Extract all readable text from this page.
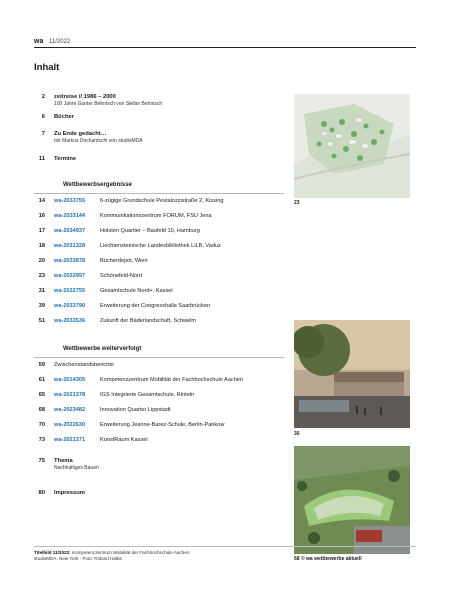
wa 11/2022
Inhalt
2	zeitreise // 1986 – 2000
100 Jahre Gunter Behnisch von Stefan Behnisch
6	Bücher
7	Zu Ende gedacht…
mit Markus Dochantschi von studioMDA
11	Termine
Wettbewerbsergebnisse
14	wa-2033755	6-zügige Grundschule Pestalozzistraße 2, Kissing
16	wa-2033144	Kommunikationszentrum FORUM, FSU Jena
17	wa-2034937	Holsten Quartier – Baufeld 10, Hamburg
18	wa-2031328	Liechtensteinische Landesbibliothek LiLB, Vaduz
20	wa-2033878	Bücherdepot, Wien
23	wa-2032997	Schönefeld-Nord
31	wa-2032755	Gesamtschule Nord+, Kassel
39	wa-2033790	Erweiterung der Congresshalle Saarbrücken
51	wa-2033536	Zukunft der Bäderlandschaft, Schwelm
Wettbewerbe weiterverfolgt
59	Zwischenstandsberichte
61	wa-2014305	Kompetenzzentrum Mobilität der Fachhochschule Aachen
65	wa-2021378	IGS Integrierte Gesamtschule, Rinteln
68	wa-2023482	Innovation Quarter Lippstadt
70	wa-2022630	Erweiterung Jeanne-Barez-Schule, Berlin-Pankow
73	wa-2021371	KunstRaum Kassel
75	Thema
Nachhaltiges Bauen
80	Impressum
23
30
Titelbild 11/2022: Kompetenzzentrum Mobilität der Fachhochschule Aachen
studioMDA, New York · Foto: Roland Halbe	68 © wa wettbewerbe aktuell
